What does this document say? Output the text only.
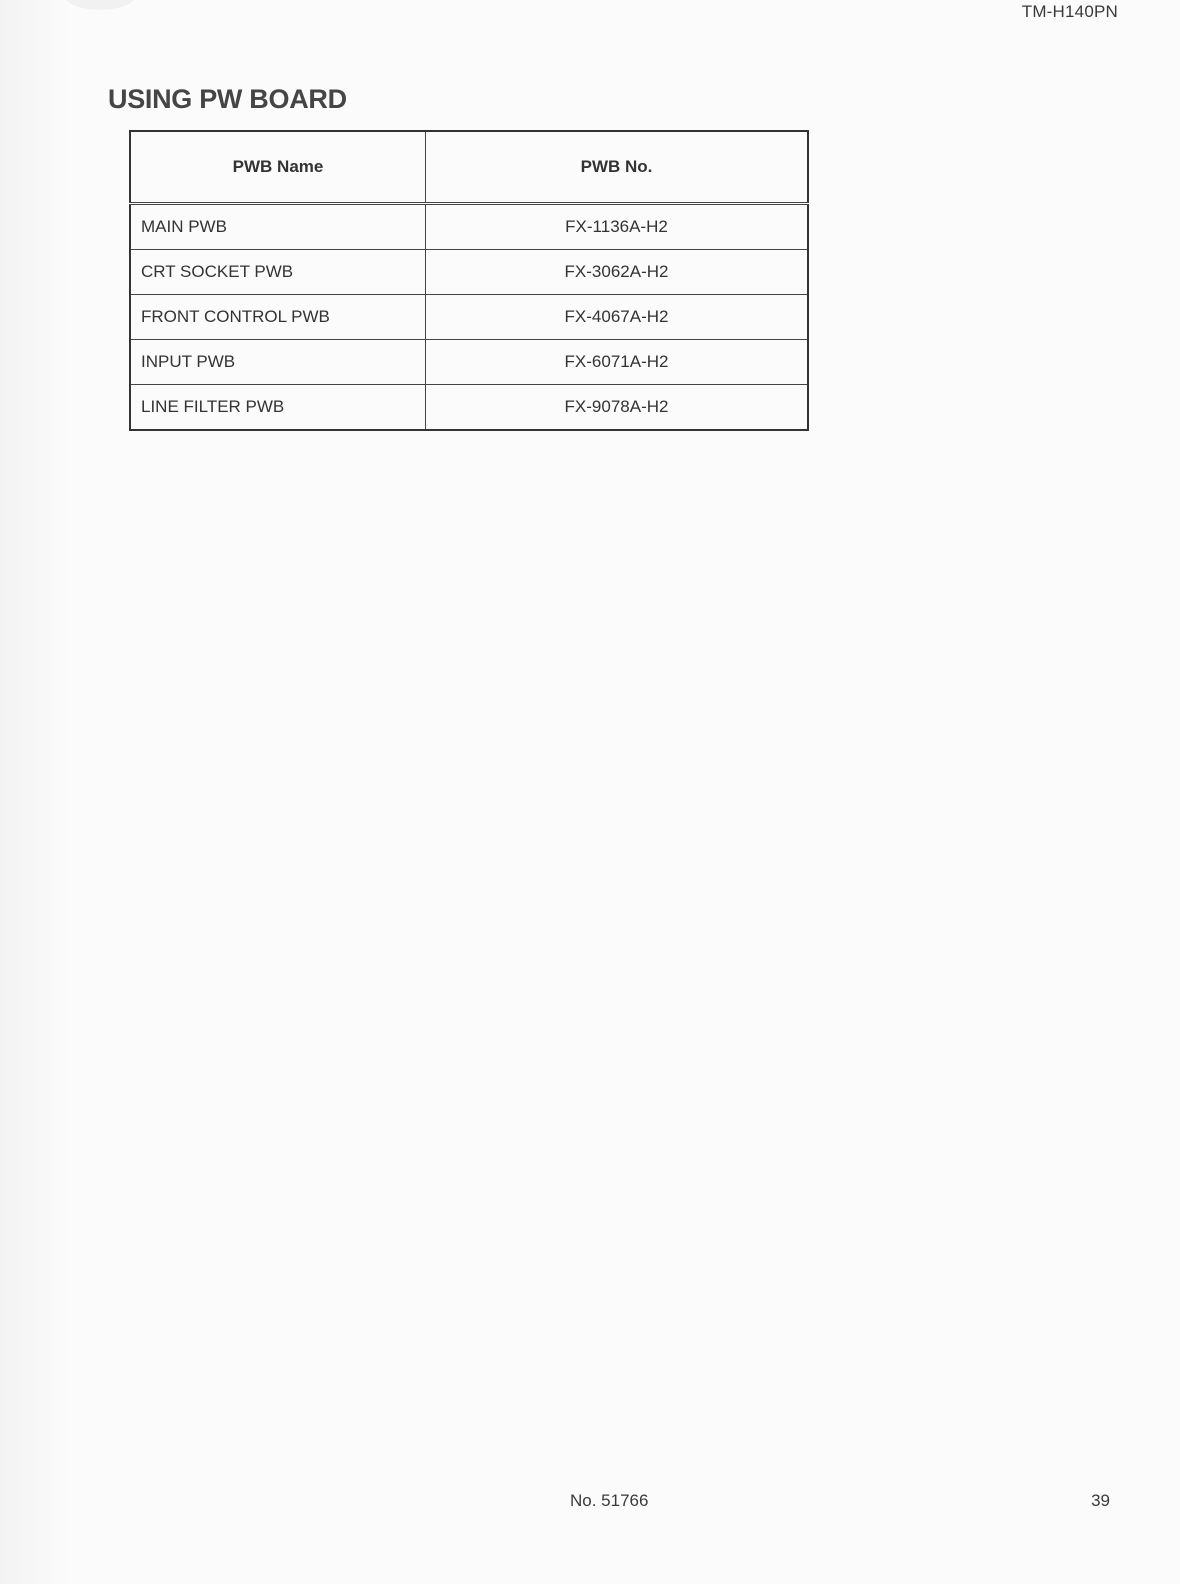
TM-H140PN
USING PW BOARD
PWB Name	PWB No.
MAIN PWB	FX-1136A-H2
CRT SOCKET PWB	FX-3062A-H2
FRONT CONTROL PWB	FX-4067A-H2
INPUT PWB	FX-6071A-H2
LINE FILTER PWB	FX-9078A-H2
No. 51766	39
